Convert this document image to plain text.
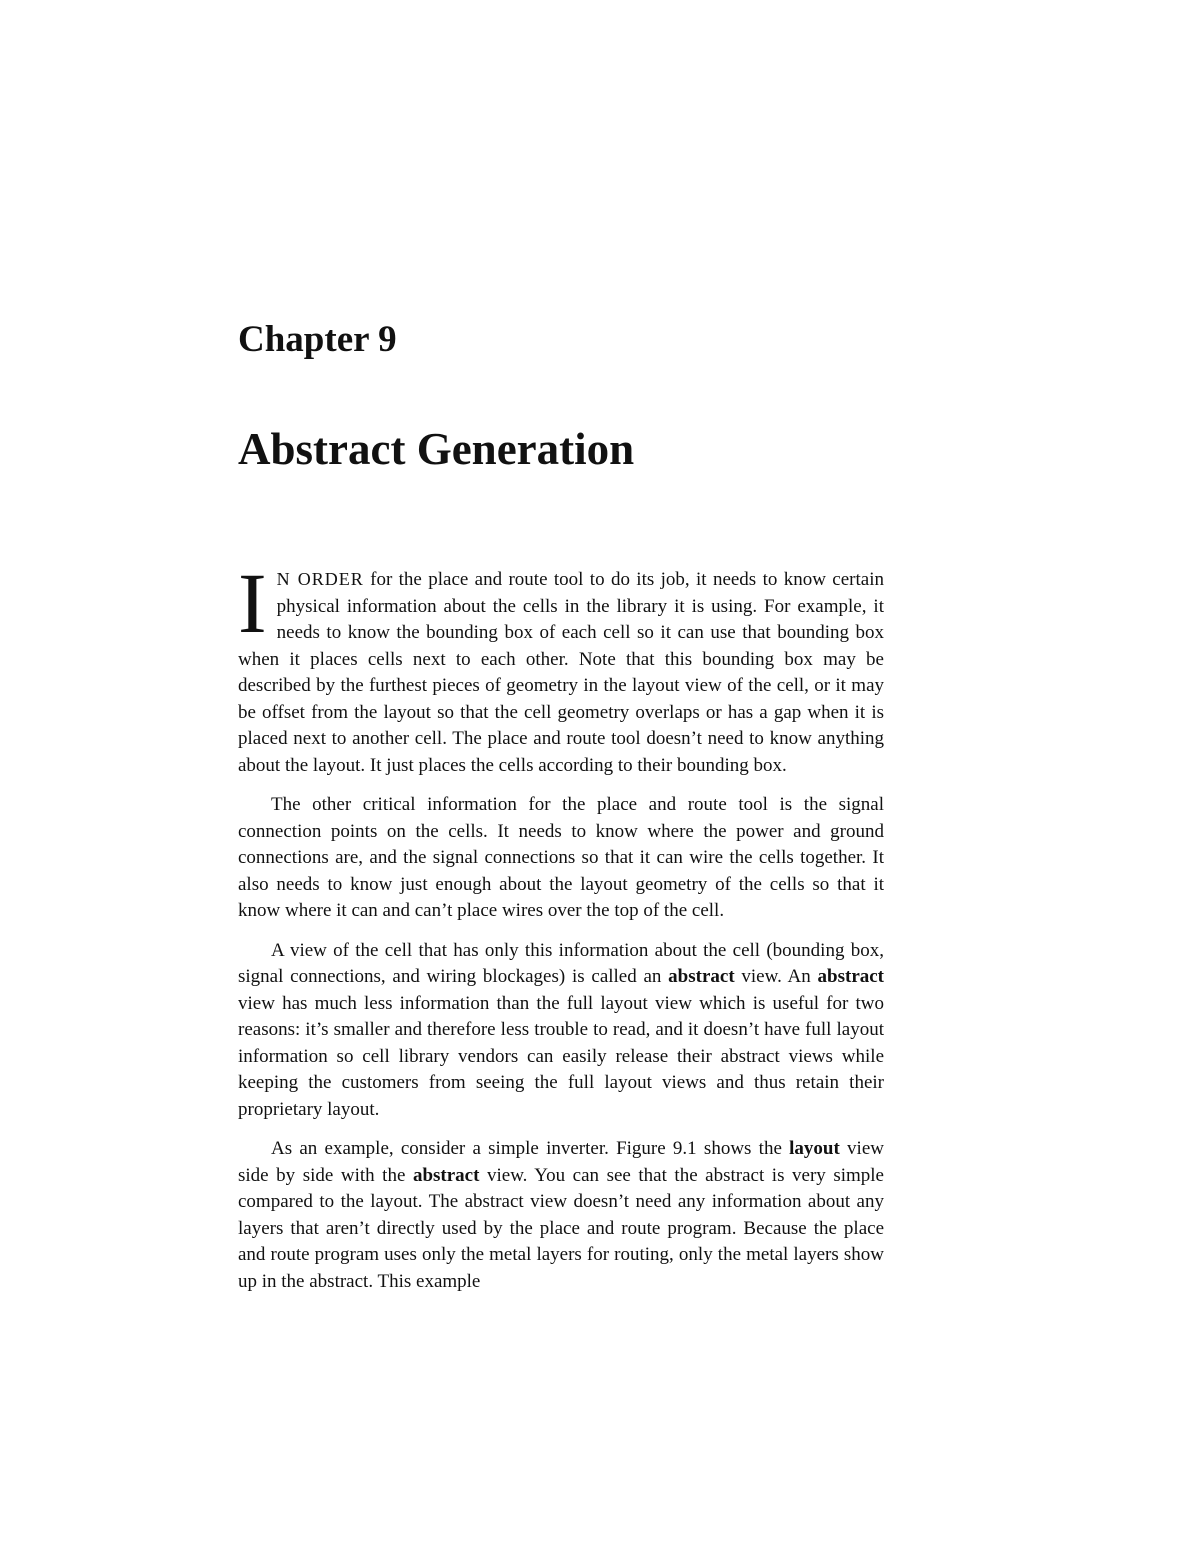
Chapter 9
Abstract Generation

I N ORDER for the place and route tool to do its job, it needs to know certain physical information about the cells in the library it is using. For example, it needs to know the bounding box of each cell so it can use that bounding box when it places cells next to each other. Note that this bounding box may be described by the furthest pieces of geometry in the layout view of the cell, or it may be offset from the layout so that the cell geometry overlaps or has a gap when it is placed next to another cell. The place and route tool doesn’t need to know anything about the layout. It just places the cells according to their bounding box.

The other critical information for the place and route tool is the signal connection points on the cells. It needs to know where the power and ground connections are, and the signal connections so that it can wire the cells together. It also needs to know just enough about the layout geometry of the cells so that it know where it can and can’t place wires over the top of the cell.

A view of the cell that has only this information about the cell (bounding box, signal connections, and wiring blockages) is called an abstract view. An abstract view has much less information than the full layout view which is useful for two reasons: it’s smaller and therefore less trouble to read, and it doesn’t have full layout information so cell library vendors can easily release their abstract views while keeping the customers from seeing the full layout views and thus retain their proprietary layout.

As an example, consider a simple inverter. Figure 9.1 shows the layout view side by side with the abstract view. You can see that the abstract is very simple compared to the layout. The abstract view doesn’t need any information about any layers that aren’t directly used by the place and route program. Because the place and route program uses only the metal layers for routing, only the metal layers show up in the abstract. This example
